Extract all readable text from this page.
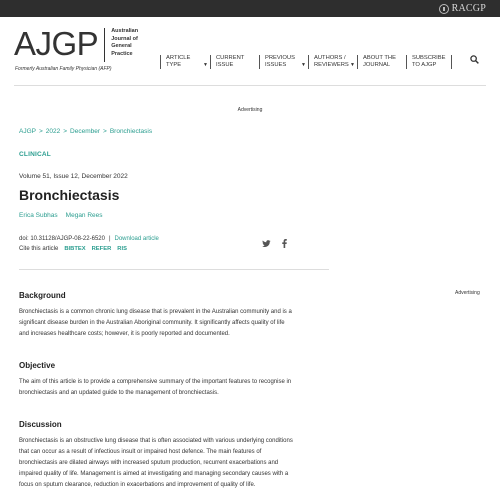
RACGP
AJGP Australian
Journal of
General
Practice
Formerly Australian Family Physician (AFP)
ARTICLE
TYPE	▼
CURRENT
ISSUE
PREVIOUS
ISSUES	▼
AUTHORS /
REVIEWERS ▼
ABOUT THE
JOURNAL
SUBSCRIBE
TO AJGP
Advertising
AJGP > 2022 > December > Bronchiectasis
CLINICAL
Volume 51, Issue 12, December 2022
Bronchiectasis
Erica Subhas Megan Rees
doi: 10.31128/AJGP-08-22-6520 | Download article
Cite this article BIBTEX REFER RIS
Advertising
Background
Bronchiectasis is a common chronic lung disease that is prevalent in the Australian community and is a
significant disease burden in the Australian Aboriginal community. It significantly affects quality of life
and increases healthcare costs; however, it is poorly reported and documented.
Objective
The aim of this article is to provide a comprehensive summary of the important features to recognise in
bronchiectasis and an updated guide to the management of bronchiectasis.
Discussion
Bronchiectasis is an obstructive lung disease that is often associated with various underlying conditions
that can occur as a result of infectious insult or impaired host defence. The main features of
bronchiectasis are dilated airways with increased sputum production, recurrent exacerbations and
impaired quality of life. Management is aimed at investigating and managing secondary causes with a
focus on sputum clearance, reduction in exacerbations and improvement of quality of life.
